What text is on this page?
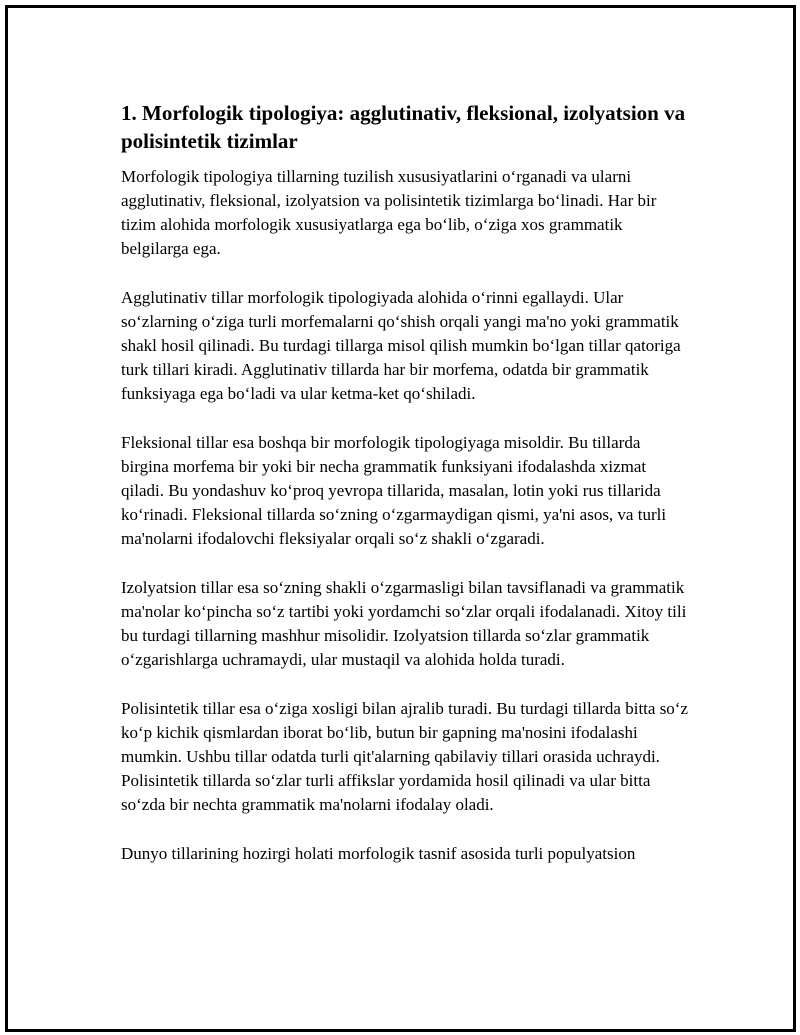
1. Morfologik tipologiya: agglutinativ, fleksional, izolyatsion va polisintetik tizimlar

Morfologik tipologiya tillarning tuzilish xususiyatlarini o‘rganadi va ularni agglutinativ, fleksional, izolyatsion va polisintetik tizimlarga bo‘linadi. Har bir tizim alohida morfologik xususiyatlarga ega bo‘lib, o‘ziga xos grammatik belgilarga ega.

Agglutinativ tillar morfologik tipologiyada alohida o‘rinni egallaydi. Ular so‘zlarning o‘ziga turli morfemalarni qo‘shish orqali yangi ma'no yoki grammatik shakl hosil qilinadi. Bu turdagi tillarga misol qilish mumkin bo‘lgan tillar qatoriga turk tillari kiradi. Agglutinativ tillarda har bir morfema, odatda bir grammatik funksiyaga ega bo‘ladi va ular ketma-ket qo‘shiladi.

Fleksional tillar esa boshqa bir morfologik tipologiyaga misoldir. Bu tillarda birgina morfema bir yoki bir necha grammatik funksiyani ifodalashda xizmat qiladi. Bu yondashuv ko‘proq yevropa tillarida, masalan, lotin yoki rus tillarida ko‘rinadi. Fleksional tillarda so‘zning o‘zgarmaydigan qismi, ya'ni asos, va turli ma'nolarni ifodalovchi fleksiyalar orqali so‘z shakli o‘zgaradi.

Izolyatsion tillar esa so‘zning shakli o‘zgarmasligi bilan tavsiflanadi va grammatik ma'nolar ko‘pincha so‘z tartibi yoki yordamchi so‘zlar orqali ifodalanadi. Xitoy tili bu turdagi tillarning mashhur misolidir. Izolyatsion tillarda so‘zlar grammatik o‘zgarishlarga uchramaydi, ular mustaqil va alohida holda turadi.

Polisintetik tillar esa o‘ziga xosligi bilan ajralib turadi. Bu turdagi tillarda bitta so‘z ko‘p kichik qismlardan iborat bo‘lib, butun bir gapning ma'nosini ifodalashi mumkin. Ushbu tillar odatda turli qit'alarning qabilaviy tillari orasida uchraydi. Polisintetik tillarda so‘zlar turli affikslar yordamida hosil qilinadi va ular bitta so‘zda bir nechta grammatik ma'nolarni ifodalay oladi.

Dunyo tillarining hozirgi holati morfologik tasnif asosida turli populyatsion
